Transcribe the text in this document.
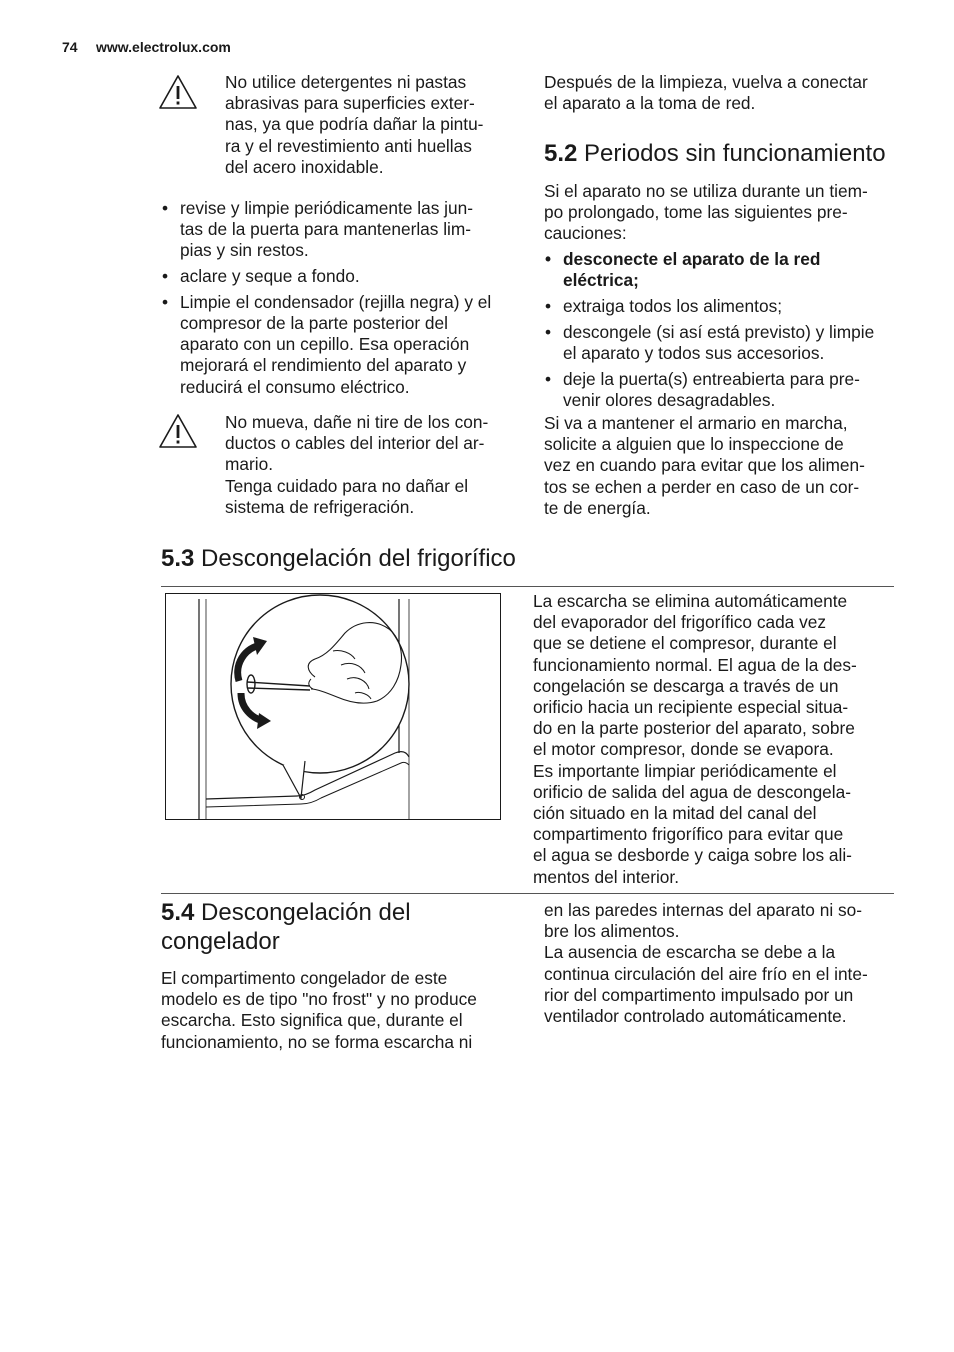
74 www.electrolux.com

No utilice detergentes ni pastas

abrasivas para superficies exter-

nas, ya que podría dañar la pintu-

ra y el revestimiento anti huellas

del acero inoxidable.

• revise y limpie periódicamente las jun-
tas de la puerta para mantenerlas lim-
pias y sin restos.
• aclare y seque a fondo.
• Limpie el condensador (rejilla negra) y el
compresor de la parte posterior del
aparato con un cepillo. Esa operación
mejorará el rendimiento del aparato y
reducirá el consumo eléctrico.

No mueva, dañe ni tire de los con-

ductos o cables del interior del ar-

mario.

Tenga cuidado para no dañar el

sistema de refrigeración.

Después de la limpieza, vuelva a conectar

el aparato a la toma de red.

5.2 Periodos sin funcionamiento

Si el aparato no se utiliza durante un tiem-

po prolongado, tome las siguientes pre-

cauciones:

• desconecte el aparato de la red
eléctrica;
• extraiga todos los alimentos;
• descongele (si así está previsto) y limpie
el aparato y todos sus accesorios.
• deje la puerta(s) entreabierta para pre-
venir olores desagradables.

Si va a mantener el armario en marcha,

solicite a alguien que lo inspeccione de

vez en cuando para evitar que los alimen-

tos se echen a perder en caso de un cor-

te de energía.

5.3 Descongelación del frigorífico

La escarcha se elimina automáticamente

del evaporador del frigorífico cada vez

que se detiene el compresor, durante el

funcionamiento normal. El agua de la des-

congelación se descarga a través de un

orificio hacia un recipiente especial situa-

do en la parte posterior del aparato, sobre

el motor compresor, donde se evapora.

Es importante limpiar periódicamente el

orificio de salida del agua de descongela-

ción situado en la mitad del canal del

compartimento frigorífico para evitar que

el agua se desborde y caiga sobre los ali-

mentos del interior.

5.4 Descongelación del
congelador

El compartimento congelador de este

modelo es de tipo "no frost" y no produce

escarcha. Esto significa que, durante el

funcionamiento, no se forma escarcha ni

en las paredes internas del aparato ni so-

bre los alimentos.

La ausencia de escarcha se debe a la

continua circulación del aire frío en el inte-

rior del compartimento impulsado por un

ventilador controlado automáticamente.
